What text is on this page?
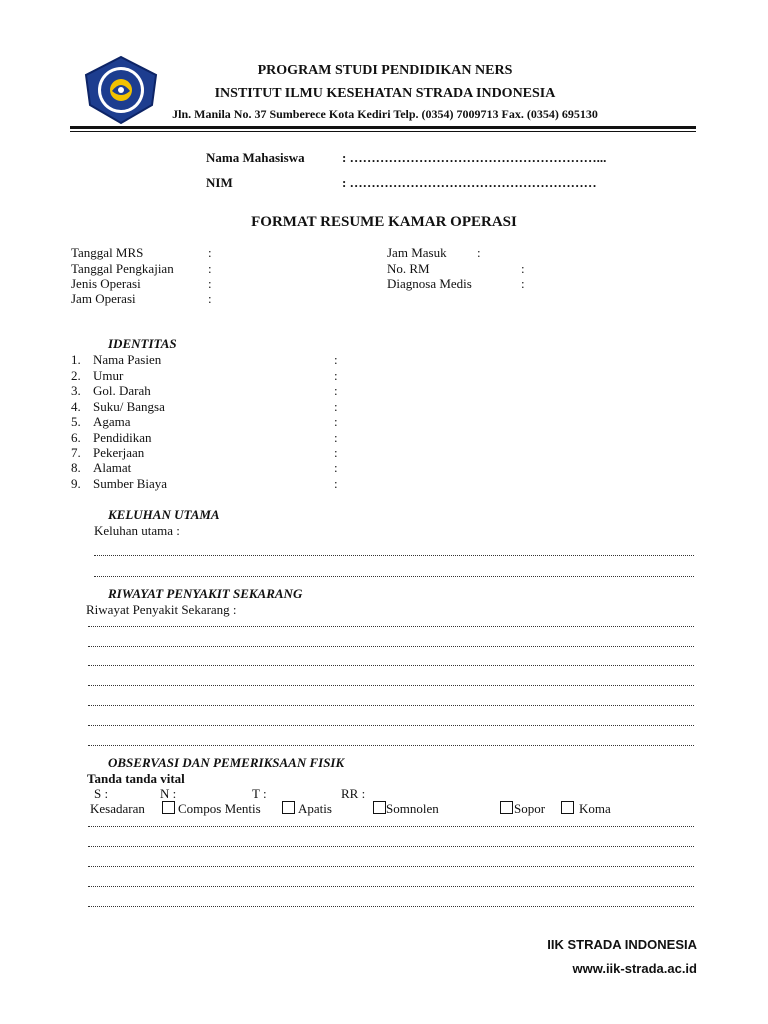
PROGRAM STUDI PENDIDIKAN NERS
INSTITUT ILMU KESEHATAN STRADA INDONESIA
Jln. Manila No. 37 Sumberece Kota Kediri Telp. (0354) 7009713 Fax. (0354) 695130
Nama Mahasiswa	: …………………………………………………...
NIM	: …………………………………………………
FORMAT RESUME KAMAR OPERASI
Tanggal MRS	:
Tanggal Pengkajian	:
Jenis Operasi	:
Jam Operasi	:
Jam Masuk :
No. RM	:
Diagnosa Medis	:
IDENTITAS
1. Nama Pasien	:
2. Umur	:
3. Gol. Darah	:
4. Suku/ Bangsa	:
5. Agama	:
6. Pendidikan	:
7. Pekerjaan	:
8. Alamat	:
9. Sumber Biaya	:
KELUHAN UTAMA
Keluhan utama :
RIWAYAT PENYAKIT SEKARANG
Riwayat Penyakit Sekarang :
OBSERVASI DAN PEMERIKSAAN FISIK
Tanda tanda vital
S :	N :	T :	RR :
Kesadaran	Compos Mentis	Apatis	Somnolen	Sopor	Koma
IIK STRADA INDONESIA
www.iik-strada.ac.id
